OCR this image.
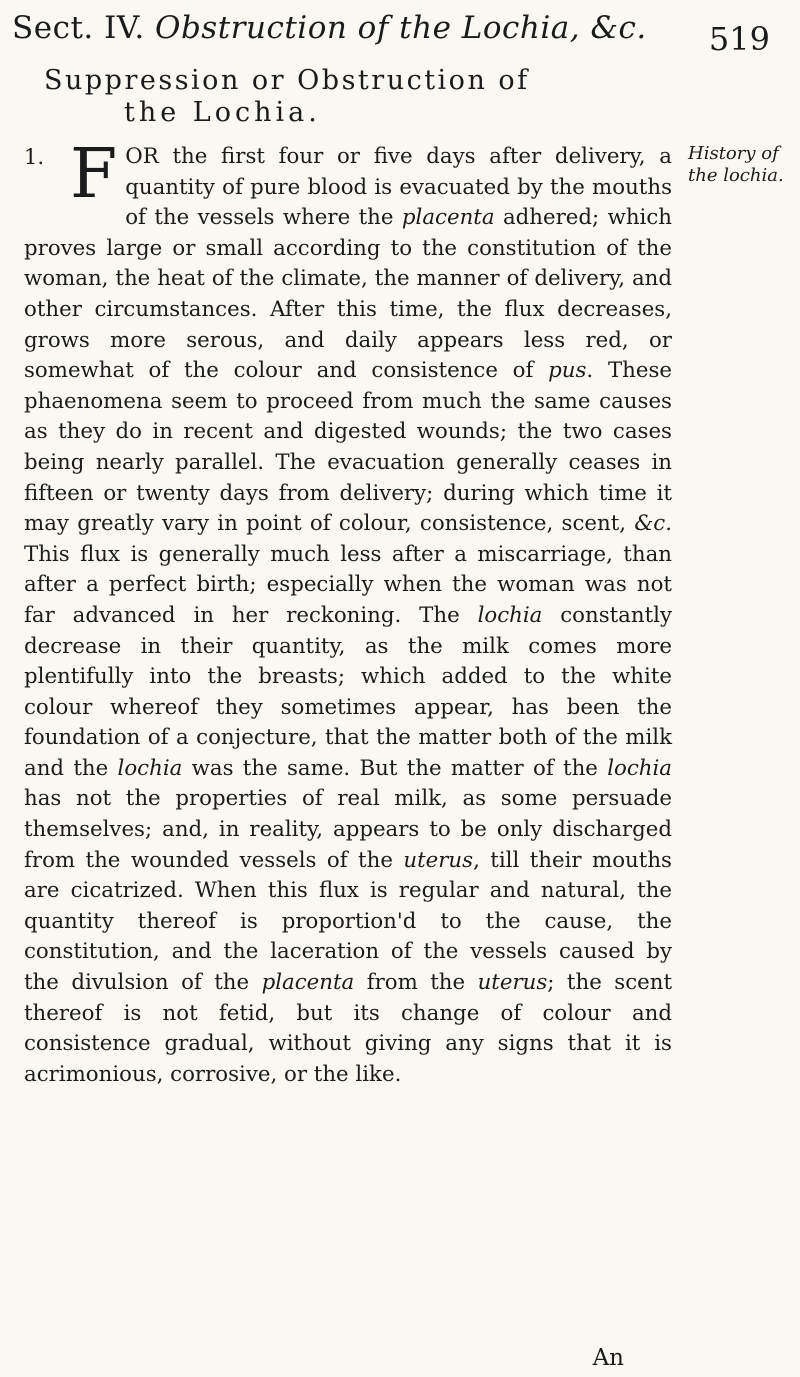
Sect. IV. Obstruction of the Lochia, &c.	519
Suppression or Obstruction of
the Lochia.
History of the lochia.

1. F OR the first four or five days after delivery, a quantity of pure blood is evacuated by the mouths of the vessels where the placenta adhered; which proves large or small according to the constitution of the woman, the heat of the climate, the manner of delivery, and other circumstances. After this time, the flux decreases, grows more serous, and daily appears less red, or somewhat of the colour and consistence of pus. These phaenomena seem to proceed from much the same causes as they do in recent and digested wounds; the two cases being nearly parallel. The evacuation generally ceases in fifteen or twenty days from delivery; during which time it may greatly vary in point of colour, consistence, scent, &c. This flux is generally much less after a miscarriage, than after a perfect birth; especially when the woman was not far advanced in her reckoning. The lochia constantly decrease in their quantity, as the milk comes more plentifully into the breasts; which added to the white colour whereof they sometimes appear, has been the foundation of a conjecture, that the matter both of the milk and the lochia was the same. But the matter of the lochia has not the properties of real milk, as some persuade themselves; and, in reality, appears to be only discharged from the wounded vessels of the uterus, till their mouths are cicatrized. When this flux is regular and natural, the quantity thereof is proportion'd to the cause, the constitution, and the laceration of the vessels caused by the divulsion of the placenta from the uterus; the scent thereof is not fetid, but its change of colour and consistence gradual, without giving any signs that it is acrimonious, corrosive, or the like.

An
